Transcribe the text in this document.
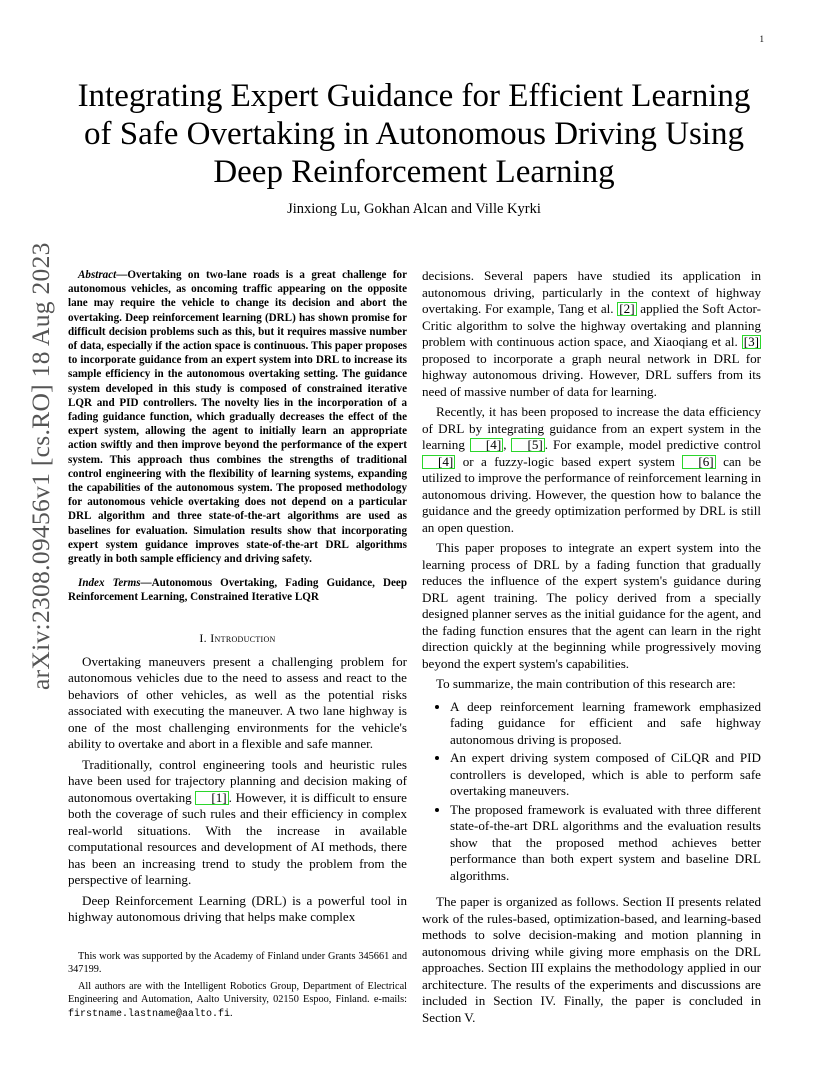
1
arXiv:2308.09456v1 [cs.RO] 18 Aug 2023
Integrating Expert Guidance for Efficient Learning of Safe Overtaking in Autonomous Driving Using Deep Reinforcement Learning
Jinxiong Lu, Gokhan Alcan and Ville Kyrki

Abstract—Overtaking on two-lane roads is a great challenge for autonomous vehicles, as oncoming traffic appearing on the opposite lane may require the vehicle to change its decision and abort the overtaking. Deep reinforcement learning (DRL) has shown promise for difficult decision problems such as this, but it requires massive number of data, especially if the action space is continuous. This paper proposes to incorporate guidance from an expert system into DRL to increase its sample efficiency in the autonomous overtaking setting. The guidance system developed in this study is composed of constrained iterative LQR and PID controllers. The novelty lies in the incorporation of a fading guidance function, which gradually decreases the effect of the expert system, allowing the agent to initially learn an appropriate action swiftly and then improve beyond the performance of the expert system. This approach thus combines the strengths of traditional control engineering with the flexibility of learning systems, expanding the capabilities of the autonomous system. The proposed methodology for autonomous vehicle overtaking does not depend on a particular DRL algorithm and three state-of-the-art algorithms are used as baselines for evaluation. Simulation results show that incorporating expert system guidance improves state-of-the-art DRL algorithms greatly in both sample efficiency and driving safety.

Index Terms—Autonomous Overtaking, Fading Guidance, Deep Reinforcement Learning, Constrained Iterative LQR

I. Introduction

Overtaking maneuvers present a challenging problem for autonomous vehicles due to the need to assess and react to the behaviors of other vehicles, as well as the potential risks associated with executing the maneuver. A two lane highway is one of the most challenging environments for the vehicle's ability to overtake and abort in a flexible and safe manner.

Traditionally, control engineering tools and heuristic rules have been used for trajectory planning and decision making of autonomous overtaking [1] . However, it is difficult to ensure both the coverage of such rules and their efficiency in complex real-world situations. With the increase in available computational resources and development of AI methods, there has been an increasing trend to study the problem from the perspective of learning.

Deep Reinforcement Learning (DRL) is a powerful tool in highway autonomous driving that helps make complex

This work was supported by the Academy of Finland under Grants 345661 and 347199.

All authors are with the Intelligent Robotics Group, Department of Electrical Engineering and Automation, Aalto University, 02150 Espoo, Finland. e-mails: firstname.lastname@aalto.fi.

decisions. Several papers have studied its application in autonomous driving, particularly in the context of highway overtaking. For example, Tang et al. [2] applied the Soft Actor-Critic algorithm to solve the highway overtaking and planning problem with continuous action space, and Xiaoqiang et al. [3] proposed to incorporate a graph neural network in DRL for highway autonomous driving. However, DRL suffers from its need of massive number of data for learning.

Recently, it has been proposed to increase the data efficiency of DRL by integrating guidance from an expert system in the learning [4] , [5] . For example, model predictive control [4] or a fuzzy-logic based expert system [6] can be utilized to improve the performance of reinforcement learning in autonomous driving. However, the question how to balance the guidance and the greedy optimization performed by DRL is still an open question.

This paper proposes to integrate an expert system into the learning process of DRL by a fading function that gradually reduces the influence of the expert system's guidance during DRL agent training. The policy derived from a specially designed planner serves as the initial guidance for the agent, and the fading function ensures that the agent can learn in the right direction quickly at the beginning while progressively moving beyond the expert system's capabilities.

To summarize, the main contribution of this research are:

• A deep reinforcement learning framework emphasized fading guidance for efficient and safe highway autonomous driving is proposed.
• An expert driving system composed of CiLQR and PID controllers is developed, which is able to perform safe overtaking maneuvers.
• The proposed framework is evaluated with three different state-of-the-art DRL algorithms and the evaluation results show that the proposed method achieves better performance than both expert system and baseline DRL algorithms.

The paper is organized as follows. Section II presents related work of the rules-based, optimization-based, and learning-based methods to solve decision-making and motion planning in autonomous driving while giving more emphasis on the DRL approaches. Section III explains the methodology applied in our architecture. The results of the experiments and discussions are included in Section IV. Finally, the paper is concluded in Section V.
